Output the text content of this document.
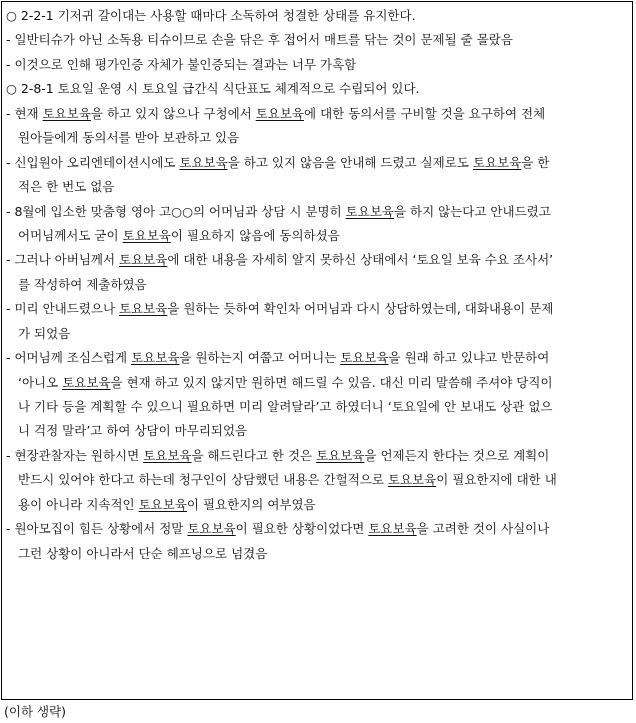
○ 2-2-1 기저귀 갈이대는 사용할 때마다 소독하여 청결한 상태를 유지한다.
- 일반티슈가 아닌 소독용 티슈이므로 손을 닦은 후 접어서 매트를 닦는 것이 문제될 줄 몰랐음
- 이것으로 인해 평가인증 자체가 불인증되는 결과는 너무 가혹함
○ 2-8-1 토요일 운영 시 토요일 급간식 식단표도 체계적으로 수립되어 있다.
- 현재 토요보육을 하고 있지 않으나 구청에서 토요보육에 대한 동의서를 구비할 것을 요구하여 전체
원아들에게 동의서를 받아 보관하고 있음
- 신입원아 오리엔테이션시에도 토요보육을 하고 있지 않음을 안내해 드렸고 실제로도 토요보육을 한
적은 한 번도 없음
- 8월에 입소한 맞춤형 영아 고○○의 어머님과 상담 시 분명히 토요보육을 하지 않는다고 안내드렸고
어머님께서도 굳이 토요보육이 필요하지 않음에 동의하셨음
- 그러나 아버님께서 토요보육에 대한 내용을 자세히 알지 못하신 상태에서 ‘토요일 보육 수요 조사서’
를 작성하여 제출하였음
- 미리 안내드렸으나 토요보육을 원하는 듯하여 확인차 어머님과 다시 상담하였는데, 대화내용이 문제
가 되었음
- 어머님께 조심스럽게 토요보육을 원하는지 여쭙고 어머니는 토요보육을 원래 하고 있냐고 반문하여
‘아니오 토요보육을 현재 하고 있지 않지만 원하면 해드릴 수 있음. 대신 미리 말씀해 주셔야 당직이
나 기타 등을 계획할 수 있으니 필요하면 미리 알려달라’고 하였더니 ‘토요일에 안 보내도 상관 없으
니 걱정 말라’고 하여 상담이 마무리되었음
- 현장관찰자는 원하시면 토요보육을 해드린다고 한 것은 토요보육을 언제든지 한다는 것으로 계획이
반드시 있어야 한다고 하는데 청구인이 상담했던 내용은 간헐적으로 토요보육이 필요한지에 대한 내
용이 아니라 지속적인 토요보육이 필요한지의 여부였음
- 원아모집이 힘든 상황에서 정말 토요보육이 필요한 상황이었다면 토요보육을 고려한 것이 사실이나
그런 상황이 아니라서 단순 헤프닝으로 넘겼음
(이하 생략)
